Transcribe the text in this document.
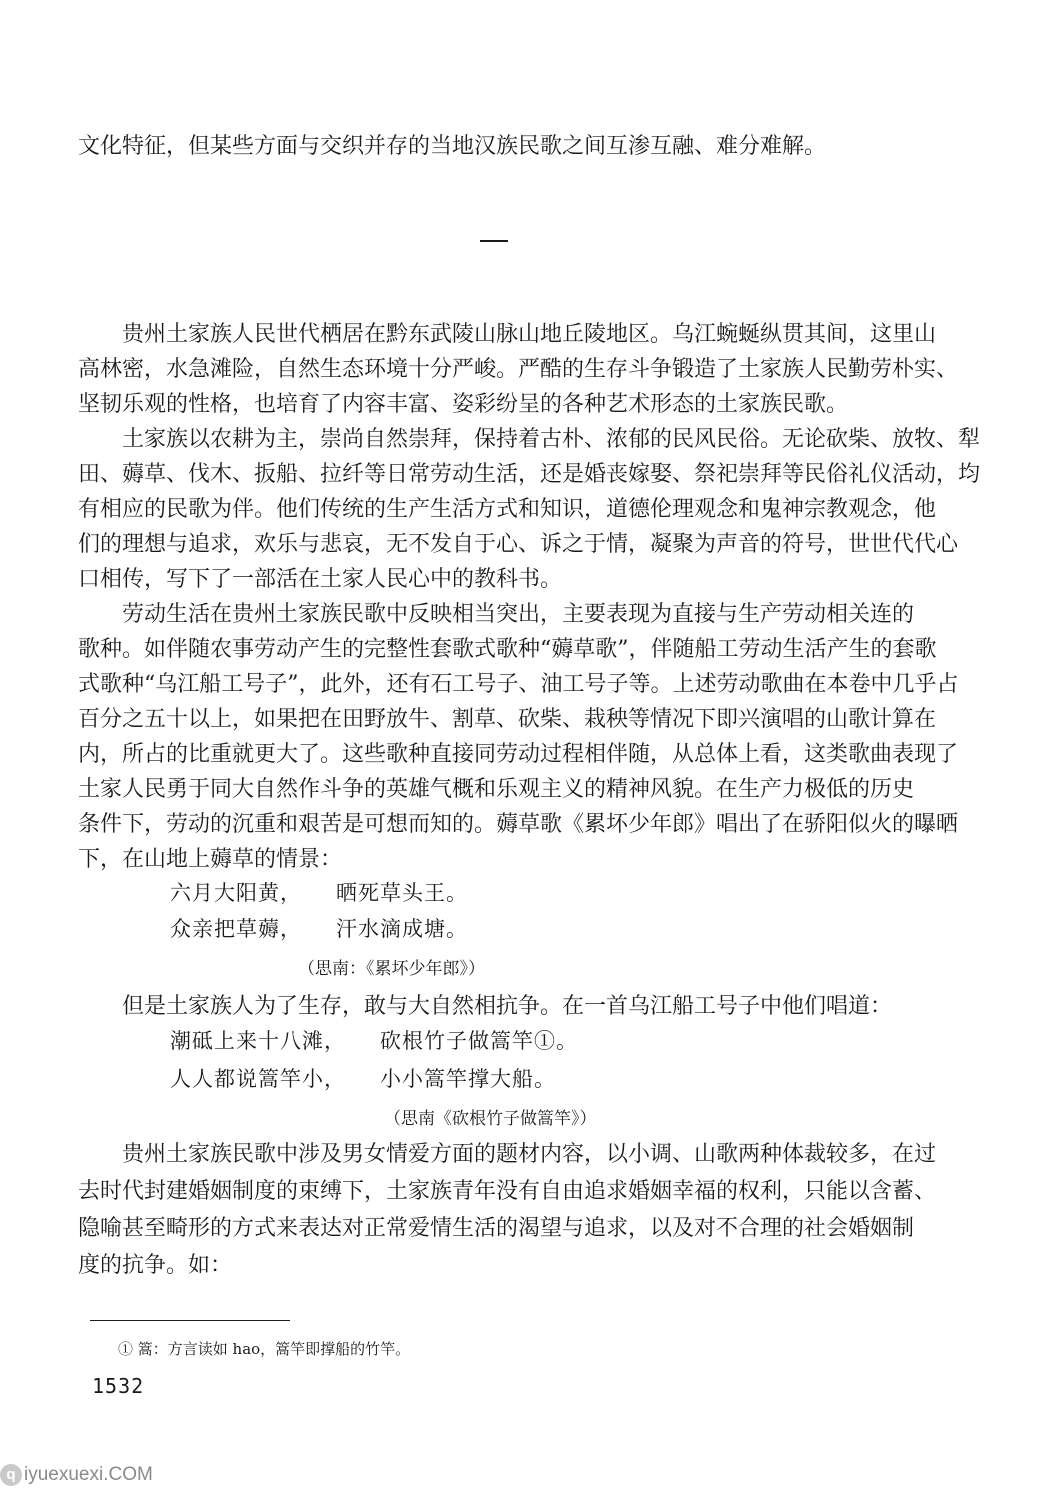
文化特征，但某些方面与交织并存的当地汉族民歌之间互渗互融、难分难解。
贵州土家族人民世代栖居在黔东武陵山脉山地丘陵地区。乌江蜿蜒纵贯其间，这里山
高林密，水急滩险，自然生态环境十分严峻。严酷的生存斗争锻造了土家族人民勤劳朴实、
坚韧乐观的性格，也培育了内容丰富、姿彩纷呈的各种艺术形态的土家族民歌。
土家族以农耕为主，崇尚自然崇拜，保持着古朴、浓郁的民风民俗。无论砍柴、放牧、犁
田、薅草、伐木、扳船、拉纤等日常劳动生活，还是婚丧嫁娶、祭祀崇拜等民俗礼仪活动，均
有相应的民歌为伴。他们传统的生产生活方式和知识，道德伦理观念和鬼神宗教观念，他
们的理想与追求，欢乐与悲哀，无不发自于心、诉之于情，凝聚为声音的符号，世世代代心
口相传，写下了一部活在土家人民心中的教科书。
劳动生活在贵州土家族民歌中反映相当突出，主要表现为直接与生产劳动相关连的
歌种。如伴随农事劳动产生的完整性套歌式歌种“薅草歌”，伴随船工劳动生活产生的套歌
式歌种“乌江船工号子”，此外，还有石工号子、油工号子等。上述劳动歌曲在本卷中几乎占
百分之五十以上，如果把在田野放牛、割草、砍柴、栽秧等情况下即兴演唱的山歌计算在
内，所占的比重就更大了。这些歌种直接同劳动过程相伴随，从总体上看，这类歌曲表现了
土家人民勇于同大自然作斗争的英雄气概和乐观主义的精神风貌。在生产力极低的历史
条件下，劳动的沉重和艰苦是可想而知的。薅草歌《累坏少年郎》唱出了在骄阳似火的曝晒
下，在山地上薅草的情景：
六月大阳黄， 晒死草头王。
众亲把草薅， 汗水滴成塘。
（思南：《累坏少年郎》）
但是土家族人为了生存，敢与大自然相抗争。在一首乌江船工号子中他们唱道：
潮砥上来十八滩， 砍根竹子做篙竿①。
人人都说篙竿小， 小小篙竿撑大船。
（思南《砍根竹子做篙竿》）
贵州土家族民歌中涉及男女情爱方面的题材内容，以小调、山歌两种体裁较多，在过
去时代封建婚姻制度的束缚下，土家族青年没有自由追求婚姻幸福的权利，只能以含蓄、
隐喻甚至畸形的方式来表达对正常爱情生活的渴望与追求，以及对不合理的社会婚姻制
度的抗争。如：
① 篙：方言读如 hao，篙竿即撑船的竹竿。
1532
q iyuexuexi.COM
